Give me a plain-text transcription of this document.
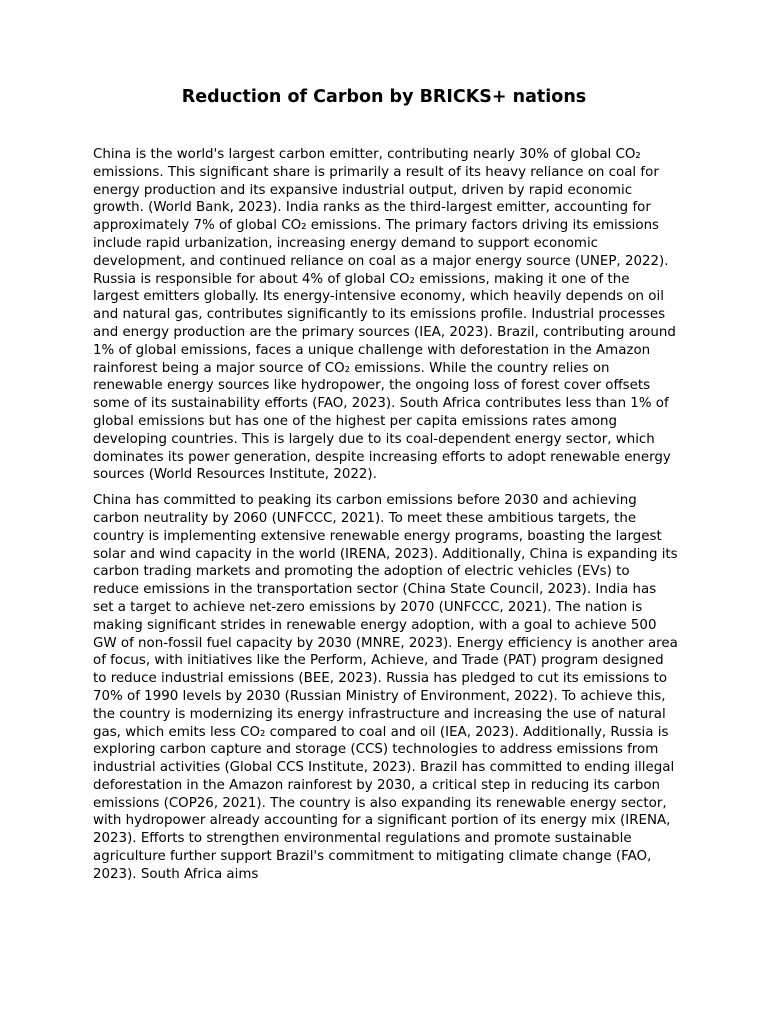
Reduction of Carbon by BRICKS+ nations

China is the world's largest carbon emitter, contributing nearly 30% of global CO₂ emissions. This significant share is primarily a result of its heavy reliance on coal for energy production and its expansive industrial output, driven by rapid economic growth. (World Bank, 2023). India ranks as the third-largest emitter, accounting for approximately 7% of global CO₂ emissions. The primary factors driving its emissions include rapid urbanization, increasing energy demand to support economic development, and continued reliance on coal as a major energy source (UNEP, 2022). Russia is responsible for about 4% of global CO₂ emissions, making it one of the largest emitters globally. Its energy-intensive economy, which heavily depends on oil and natural gas, contributes significantly to its emissions profile. Industrial processes and energy production are the primary sources (IEA, 2023). Brazil, contributing around 1% of global emissions, faces a unique challenge with deforestation in the Amazon rainforest being a major source of CO₂ emissions. While the country relies on renewable energy sources like hydropower, the ongoing loss of forest cover offsets some of its sustainability efforts (FAO, 2023). South Africa contributes less than 1% of global emissions but has one of the highest per capita emissions rates among developing countries. This is largely due to its coal-dependent energy sector, which dominates its power generation, despite increasing efforts to adopt renewable energy sources (World Resources Institute, 2022).

China has committed to peaking its carbon emissions before 2030 and achieving carbon neutrality by 2060 (UNFCCC, 2021). To meet these ambitious targets, the country is implementing extensive renewable energy programs, boasting the largest solar and wind capacity in the world (IRENA, 2023). Additionally, China is expanding its carbon trading markets and promoting the adoption of electric vehicles (EVs) to reduce emissions in the transportation sector (China State Council, 2023). India has set a target to achieve net-zero emissions by 2070 (UNFCCC, 2021). The nation is making significant strides in renewable energy adoption, with a goal to achieve 500 GW of non-fossil fuel capacity by 2030 (MNRE, 2023). Energy efficiency is another area of focus, with initiatives like the Perform, Achieve, and Trade (PAT) program designed to reduce industrial emissions (BEE, 2023). Russia has pledged to cut its emissions to 70% of 1990 levels by 2030 (Russian Ministry of Environment, 2022). To achieve this, the country is modernizing its energy infrastructure and increasing the use of natural gas, which emits less CO₂ compared to coal and oil (IEA, 2023). Additionally, Russia is exploring carbon capture and storage (CCS) technologies to address emissions from industrial activities (Global CCS Institute, 2023). Brazil has committed to ending illegal deforestation in the Amazon rainforest by 2030, a critical step in reducing its carbon emissions (COP26, 2021). The country is also expanding its renewable energy sector, with hydropower already accounting for a significant portion of its energy mix (IRENA, 2023). Efforts to strengthen environmental regulations and promote sustainable agriculture further support Brazil's commitment to mitigating climate change (FAO, 2023). South Africa aims
